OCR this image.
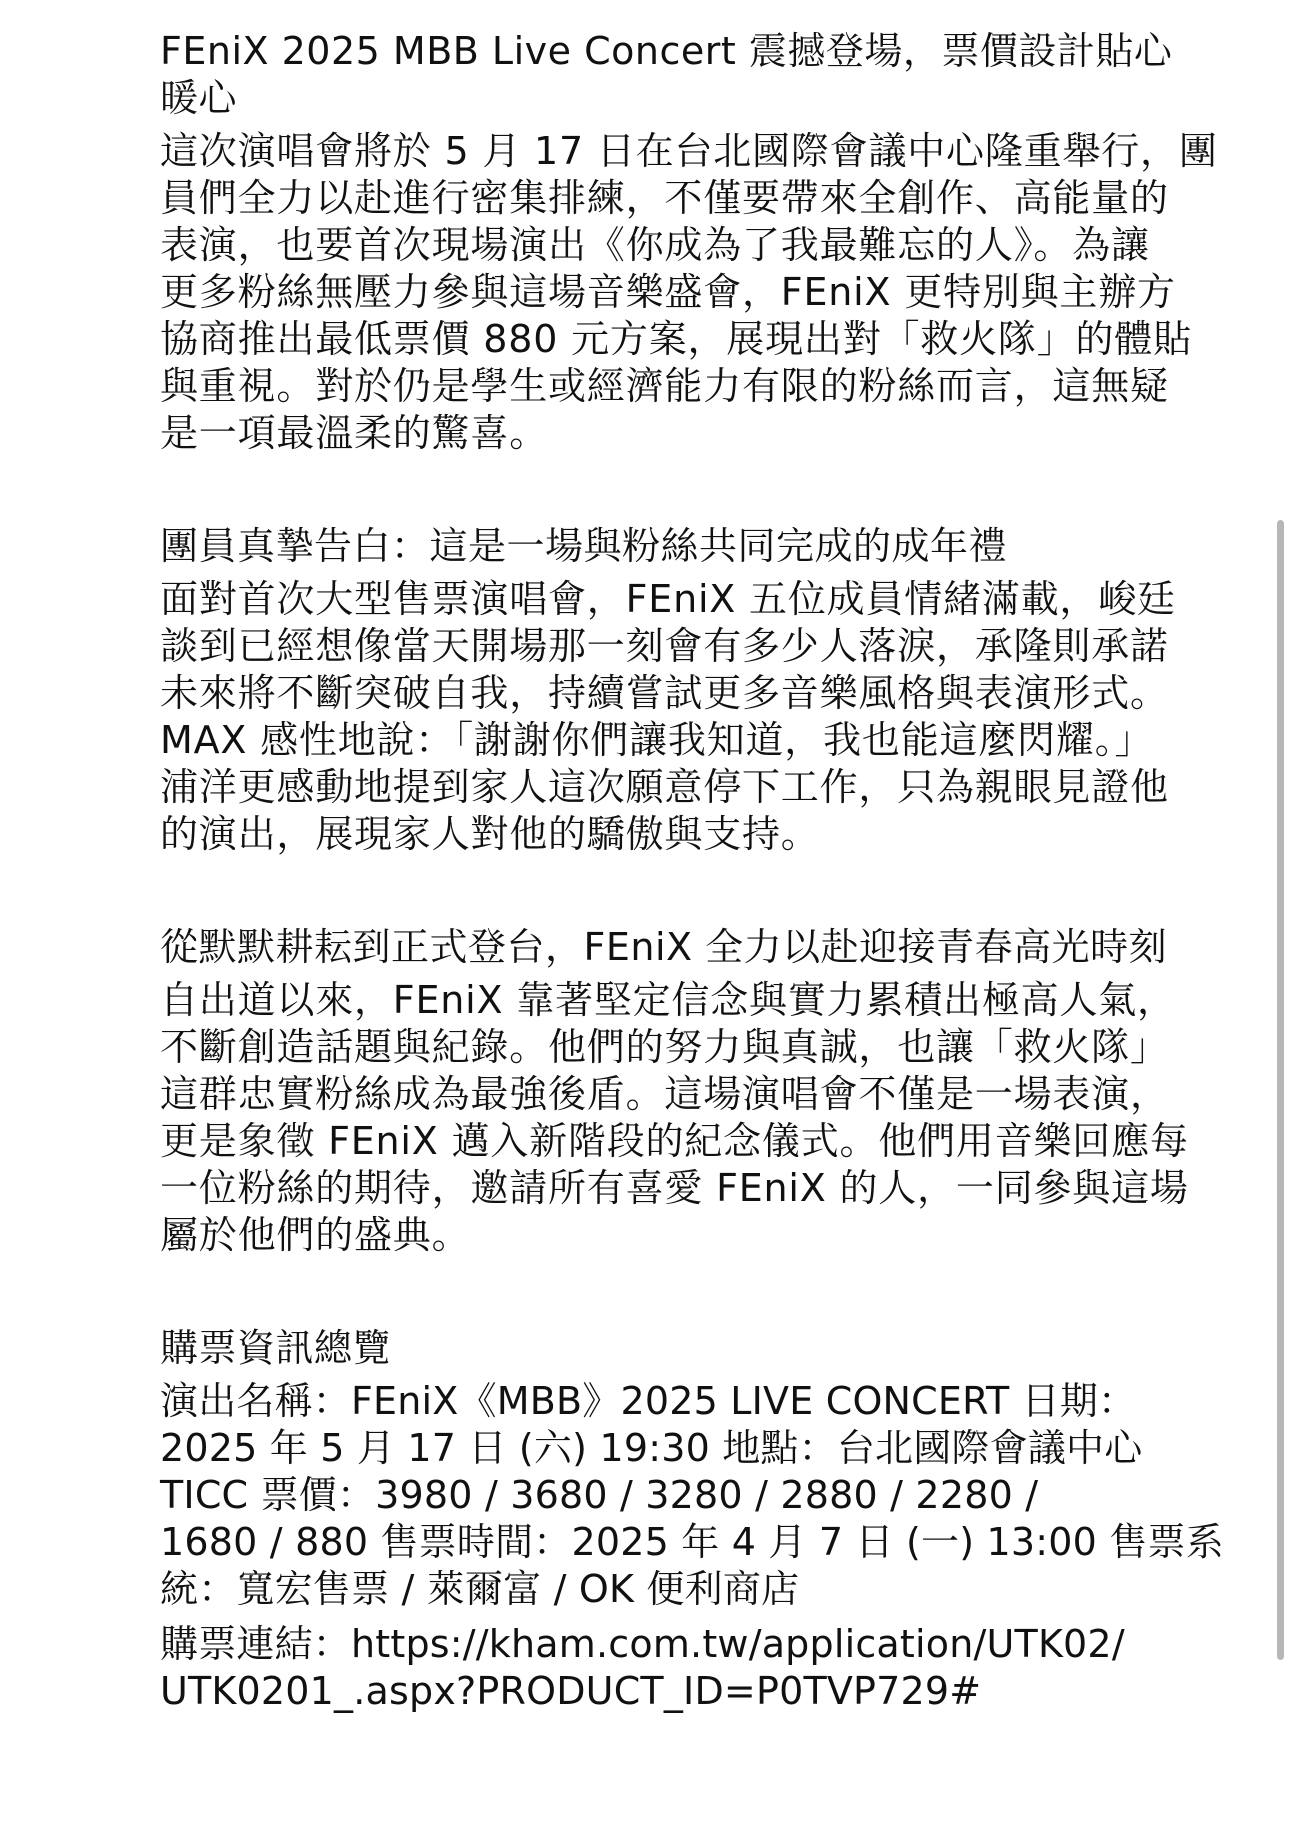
FEniX 2025 MBB Live Concert 震撼登場，票價設計貼心
暖心

這次演唱會將於 5 月 17 日在台北國際會議中心隆重舉行，團
員們全力以赴進行密集排練，不僅要帶來全創作、高能量的
表演，也要首次現場演出《你成為了我最難忘的人》。為讓
更多粉絲無壓力參與這場音樂盛會，FEniX 更特別與主辦方
協商推出最低票價 880 元方案，展現出對「救火隊」的體貼
與重視。對於仍是學生或經濟能力有限的粉絲而言，這無疑
是一項最溫柔的驚喜。

團員真摯告白：這是一場與粉絲共同完成的成年禮

面對首次大型售票演唱會，FEniX 五位成員情緒滿載，峻廷
談到已經想像當天開場那一刻會有多少人落淚，承隆則承諾
未來將不斷突破自我，持續嘗試更多音樂風格與表演形式。
MAX 感性地說：「謝謝你們讓我知道，我也能這麼閃耀。」
浦洋更感動地提到家人這次願意停下工作，只為親眼見證他
的演出，展現家人對他的驕傲與支持。

從默默耕耘到正式登台，FEniX 全力以赴迎接青春高光時刻

自出道以來，FEniX 靠著堅定信念與實力累積出極高人氣，
不斷創造話題與紀錄。他們的努力與真誠，也讓「救火隊」
這群忠實粉絲成為最強後盾。這場演唱會不僅是一場表演，
更是象徵 FEniX 邁入新階段的紀念儀式。他們用音樂回應每
一位粉絲的期待，邀請所有喜愛 FEniX 的人，一同參與這場
屬於他們的盛典。

購票資訊總覽

演出名稱：FEniX《MBB》2025 LIVE CONCERT 日期：
2025 年 5 月 17 日 (六) 19:30 地點：台北國際會議中心
TICC 票價：3980 / 3680 / 3280 / 2880 / 2280 /
1680 / 880 售票時間：2025 年 4 月 7 日 (一) 13:00 售票系
統：寬宏售票 / 萊爾富 / OK 便利商店

購票連結：https://kham.com.tw/application/UTK02/
UTK0201_.aspx?PRODUCT_ID=P0TVP729#
